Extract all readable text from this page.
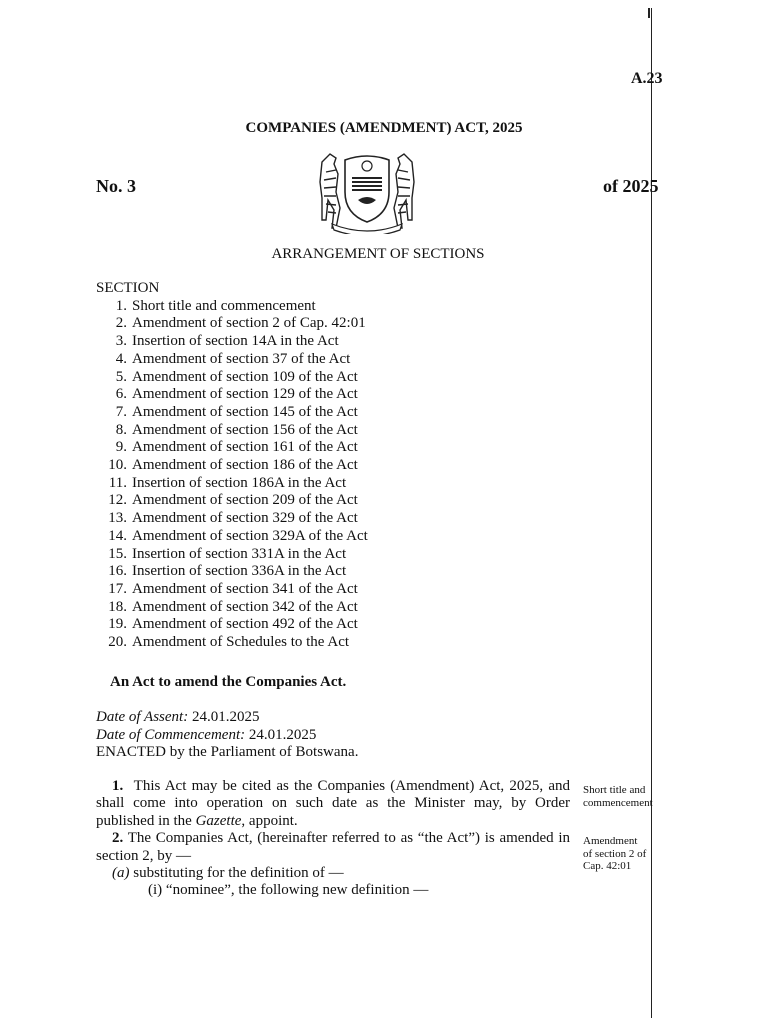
A.23
COMPANIES (AMENDMENT) ACT, 2025
No. 3	of 2025
ARRANGEMENT OF SECTIONS
SECTION
1. Short title and commencement
2. Amendment of section 2 of Cap. 42:01
3. Insertion of section 14A in the Act
4. Amendment of section 37 of the Act
5. Amendment of section 109 of the Act
6. Amendment of section 129 of the Act
7. Amendment of section 145 of the Act
8. Amendment of section 156 of the Act
9. Amendment of section 161 of the Act
10. Amendment of section 186 of the Act
11. Insertion of section 186A in the Act
12. Amendment of section 209 of the Act
13. Amendment of section 329 of the Act
14. Amendment of section 329A of the Act
15. Insertion of section 331A in the Act
16. Insertion of section 336A in the Act
17. Amendment of section 341 of the Act
18. Amendment of section 342 of the Act
19. Amendment of section 492 of the Act
20. Amendment of Schedules to the Act
An Act to amend the Companies Act.
Date of Assent: 24.01.2025
Date of Commencement: 24.01.2025
ENACTED by the Parliament of Botswana.

1. This Act may be cited as the Companies (Amendment) Act, 2025, and shall come into operation on such date as the Minister may, by Order published in the Gazette, appoint.

2. The Companies Act, (hereinafter referred to as “the Act”) is amended in section 2, by —

(a) substituting for the definition of —

(i) “nominee”, the following new definition —

Short title and
commencement
Amendment
of section 2 of
Cap. 42:01
